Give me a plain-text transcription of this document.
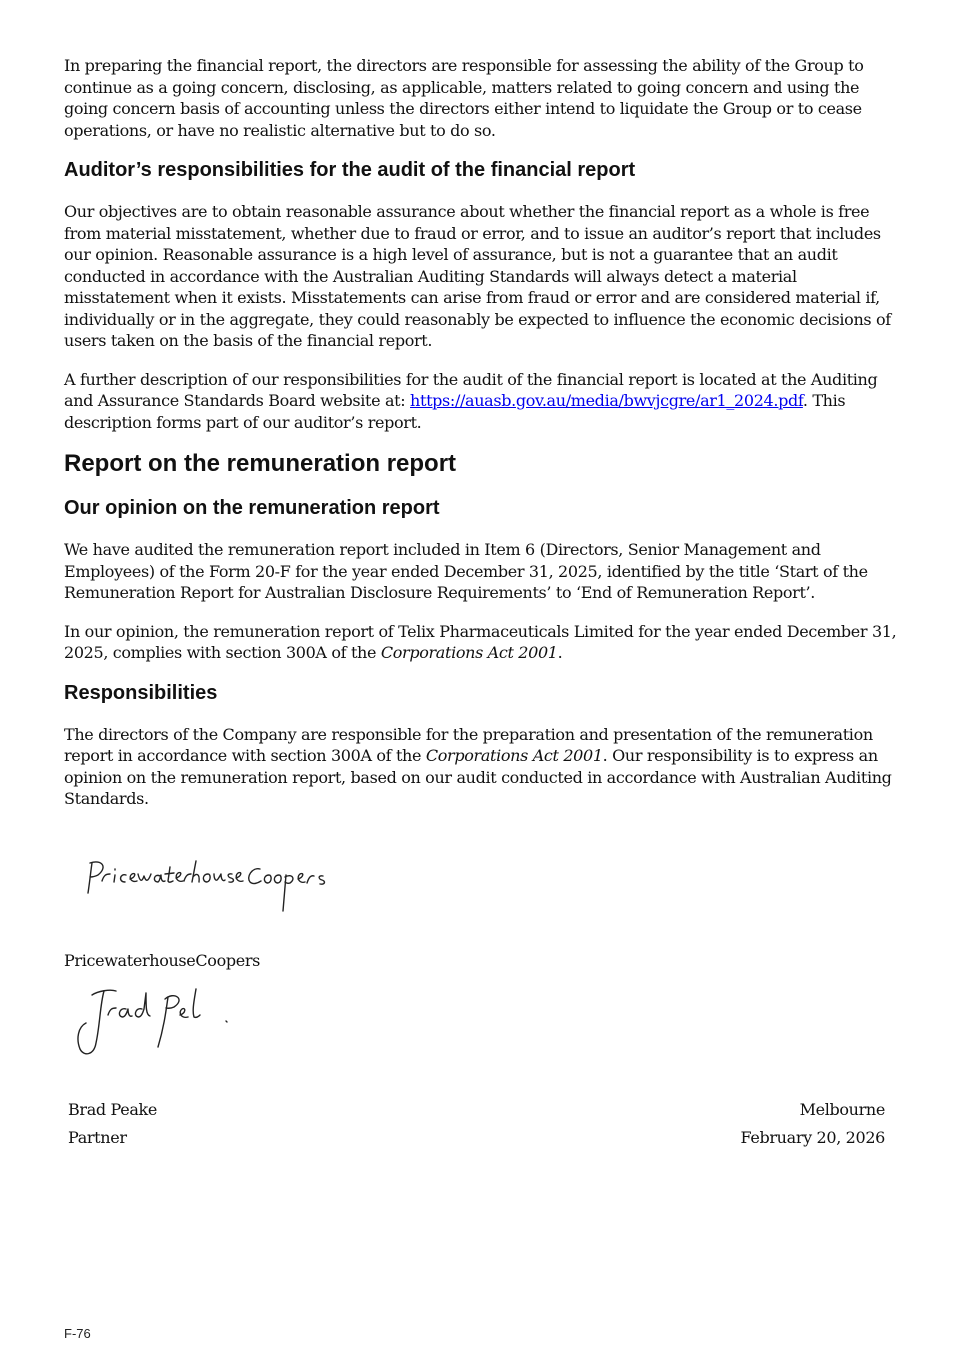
In preparing the financial report, the directors are responsible for assessing the ability of the Group to continue as a going concern, disclosing, as applicable, matters related to going concern and using the going concern basis of accounting unless the directors either intend to liquidate the Group or to cease operations, or have no realistic alternative but to do so.

Auditor’s responsibilities for the audit of the financial report

Our objectives are to obtain reasonable assurance about whether the financial report as a whole is free from material misstatement, whether due to fraud or error, and to issue an auditor’s report that includes our opinion. Reasonable assurance is a high level of assurance, but is not a guarantee that an audit conducted in accordance with the Australian Auditing Standards will always detect a material misstatement when it exists. Misstatements can arise from fraud or error and are considered material if, individually or in the aggregate, they could reasonably be expected to influence the economic decisions of users taken on the basis of the financial report.

A further description of our responsibilities for the audit of the financial report is located at the Auditing and Assurance Standards Board website at: https://auasb.gov.au/media/bwvjcgre/ar1_2024.pdf. This description forms part of our auditor’s report.

Report on the remuneration report
Our opinion on the remuneration report

We have audited the remuneration report included in Item 6 (Directors, Senior Management and Employees) of the Form 20-F for the year ended December 31, 2025, identified by the title ‘Start of the Remuneration Report for Australian Disclosure Requirements’ to ‘End of Remuneration Report’.

In our opinion, the remuneration report of Telix Pharmaceuticals Limited for the year ended December 31, 2025, complies with section 300A of the Corporations Act 2001.

Responsibilities

The directors of the Company are responsible for the preparation and presentation of the remuneration report in accordance with section 300A of the Corporations Act 2001. Our responsibility is to express an opinion on the remuneration report, based on our audit conducted in accordance with Australian Auditing Standards.

PricewaterhouseCoopers
Brad Peake	Melbourne
Partner	February 20, 2026
F-76
